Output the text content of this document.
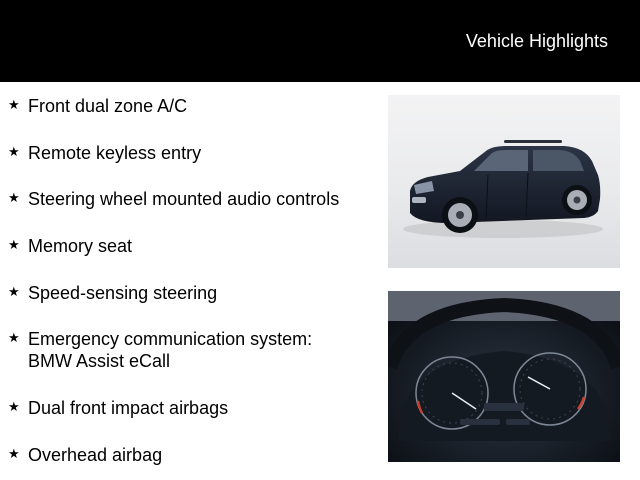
Vehicle Highlights
★ Front dual zone A/C
★ Remote keyless entry
★ Steering wheel mounted audio controls
★ Memory seat
★ Speed-sensing steering
★ Emergency communication system: BMW Assist eCall
★ Dual front impact airbags
★ Overhead airbag
